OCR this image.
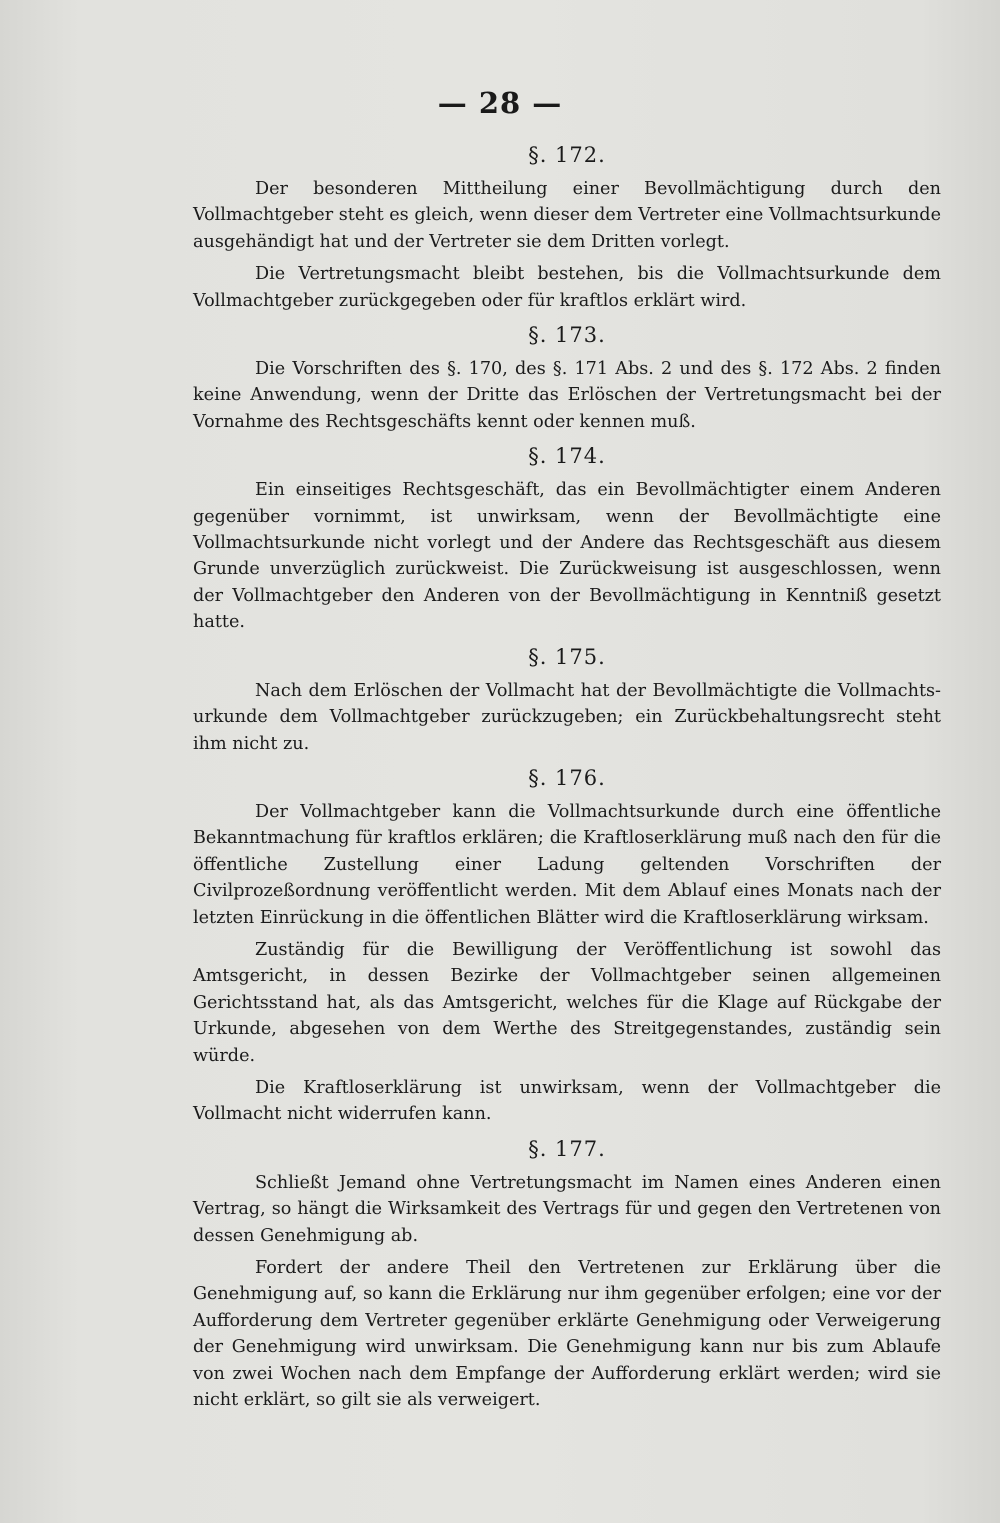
— 28 —
§. 172.

Der besonderen Mittheilung einer Bevollmächtigung durch den Vollmachtgeber steht es gleich, wenn dieser dem Vertreter eine Vollmachtsurkunde ausgehändigt hat und der Vertreter sie dem Dritten vorlegt.

Die Vertretungsmacht bleibt bestehen, bis die Vollmachtsurkunde dem Vollmachtgeber zurückgegeben oder für kraftlos erklärt wird.

§. 173.

Die Vorschriften des §. 170, des §. 171 Abs. 2 und des §. 172 Abs. 2 finden keine Anwendung, wenn der Dritte das Erlöschen der Vertretungsmacht bei der Vornahme des Rechtsgeschäfts kennt oder kennen muß.

§. 174.

Ein einseitiges Rechtsgeschäft, das ein Bevollmächtigter einem Anderen gegenüber vornimmt, ist unwirksam, wenn der Bevollmächtigte eine Vollmachtsurkunde nicht vorlegt und der Andere das Rechtsgeschäft aus diesem Grunde unverzüglich zurückweist. Die Zurückweisung ist ausgeschlossen, wenn der Vollmachtgeber den Anderen von der Bevollmächtigung in Kenntniß gesetzt hatte.

§. 175.

Nach dem Erlöschen der Vollmacht hat der Bevollmächtigte die Vollmachtsurkunde dem Vollmachtgeber zurückzugeben; ein Zurückbehaltungsrecht steht ihm nicht zu.

§. 176.

Der Vollmachtgeber kann die Vollmachtsurkunde durch eine öffentliche Bekanntmachung für kraftlos erklären; die Kraftloserklärung muß nach den für die öffentliche Zustellung einer Ladung geltenden Vorschriften der Civilprozeßordnung veröffentlicht werden. Mit dem Ablauf eines Monats nach der letzten Einrückung in die öffentlichen Blätter wird die Kraftloserklärung wirksam.

Zuständig für die Bewilligung der Veröffentlichung ist sowohl das Amtsgericht, in dessen Bezirke der Vollmachtgeber seinen allgemeinen Gerichtsstand hat, als das Amtsgericht, welches für die Klage auf Rückgabe der Urkunde, abgesehen von dem Werthe des Streitgegenstandes, zuständig sein würde.

Die Kraftloserklärung ist unwirksam, wenn der Vollmachtgeber die Vollmacht nicht widerrufen kann.

§. 177.

Schließt Jemand ohne Vertretungsmacht im Namen eines Anderen einen Vertrag, so hängt die Wirksamkeit des Vertrags für und gegen den Vertretenen von dessen Genehmigung ab.

Fordert der andere Theil den Vertretenen zur Erklärung über die Genehmigung auf, so kann die Erklärung nur ihm gegenüber erfolgen; eine vor der Aufforderung dem Vertreter gegenüber erklärte Genehmigung oder Verweigerung der Genehmigung wird unwirksam. Die Genehmigung kann nur bis zum Ablaufe von zwei Wochen nach dem Empfange der Aufforderung erklärt werden; wird sie nicht erklärt, so gilt sie als verweigert.
